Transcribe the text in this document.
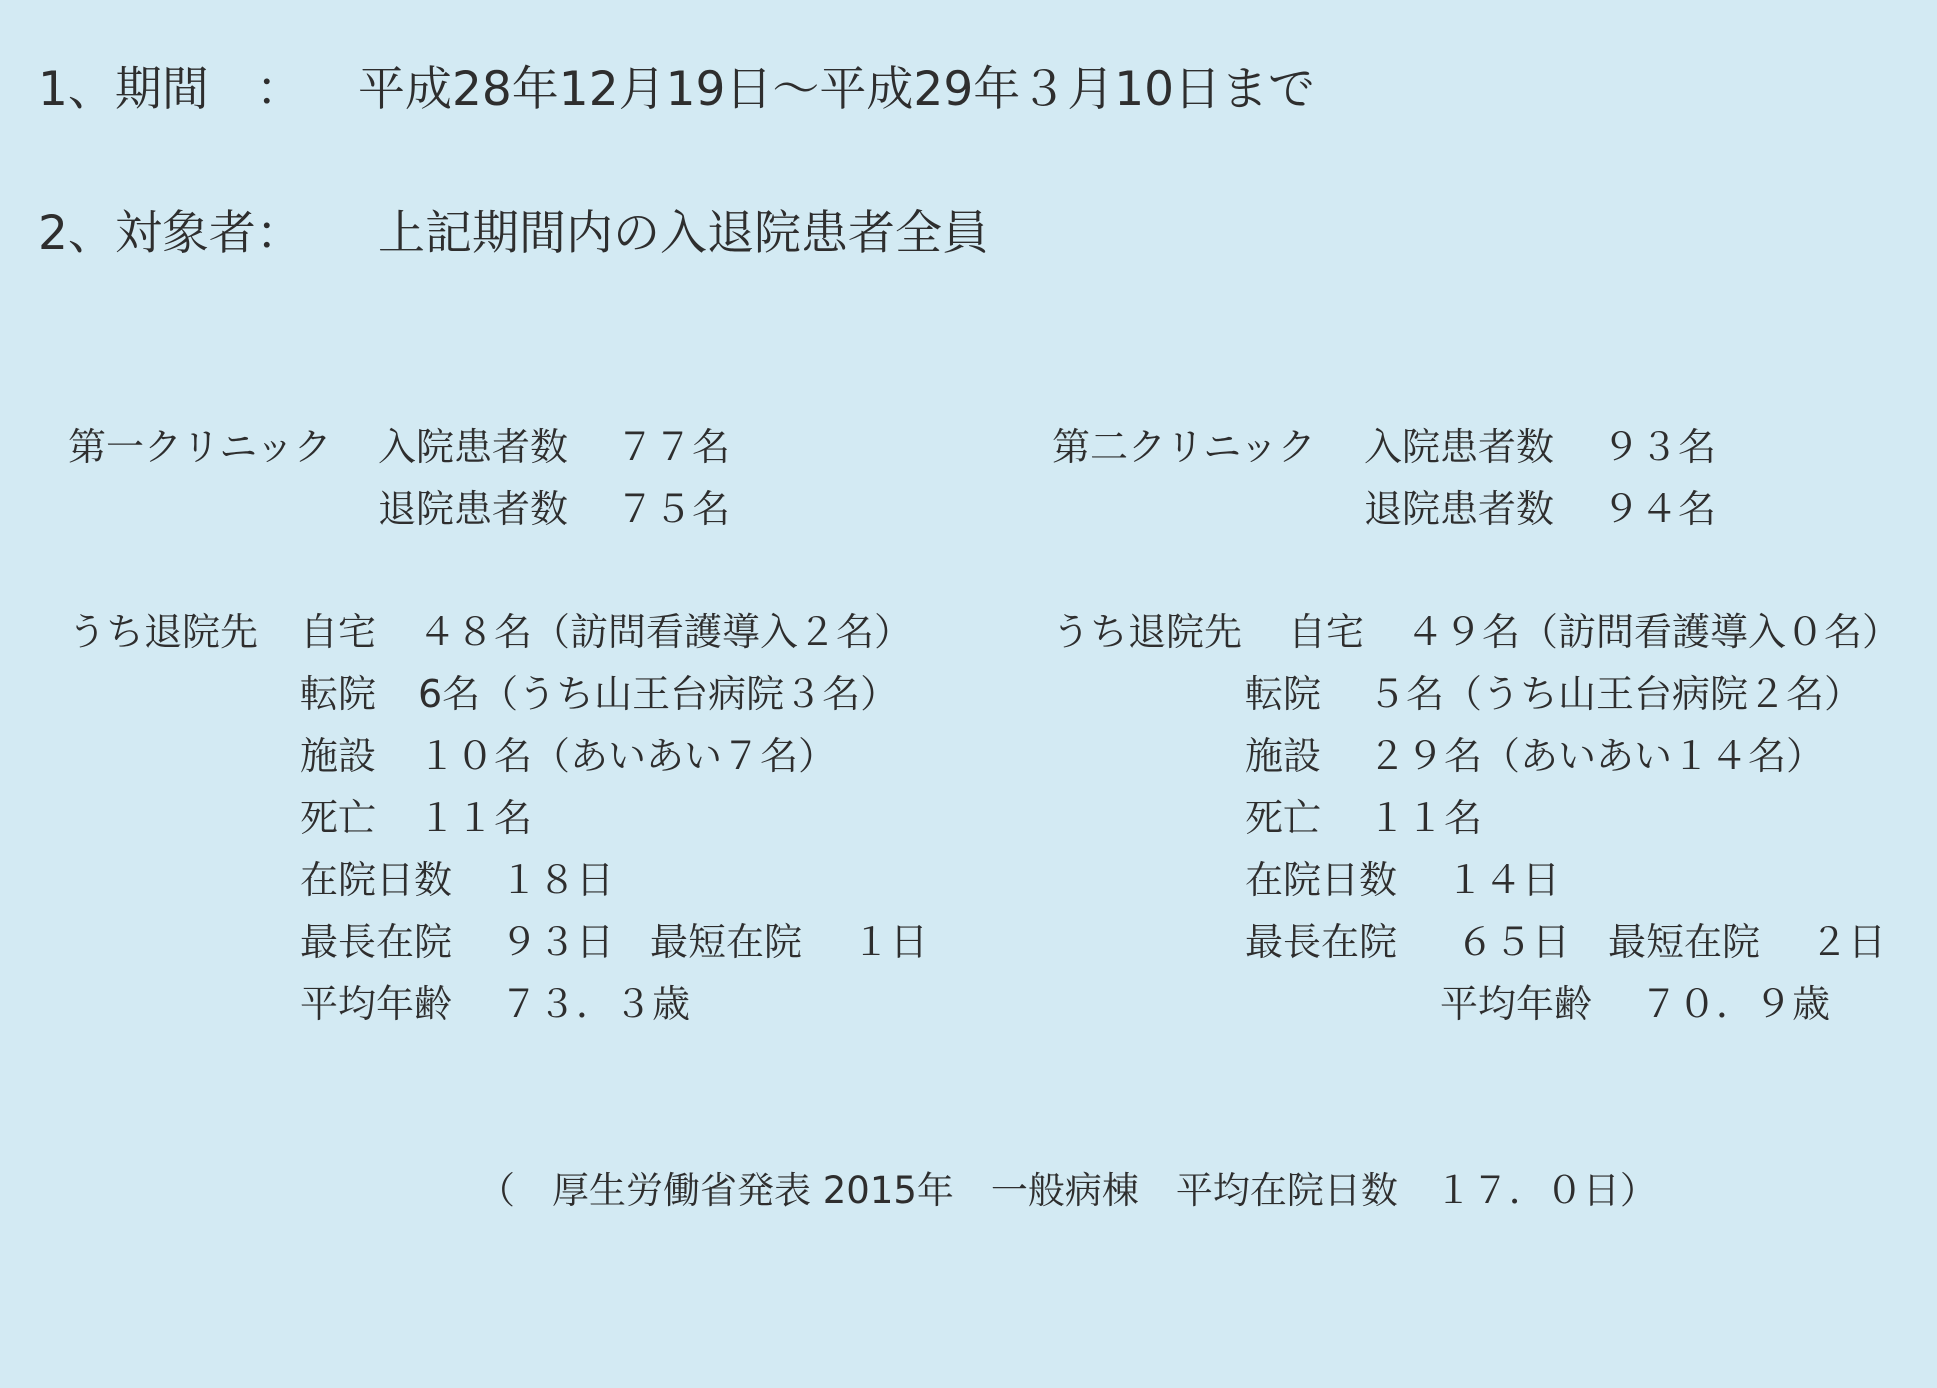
1、期間　： 平成28年12月19日～平成29年３月10日まで
2、対象者： 上記期間内の入退院患者全員
第一クリニック 入院患者数 ７７名
退院患者数 ７５名
うち退院先 自宅 ４８名（訪問看護導入２名）
転院 6名（うち山王台病院３名）
施設 １０名（あいあい７名）
死亡 １１名
在院日数 １８日
最長在院 ９３日 最短在院 １日
平均年齢 ７３．３歳
第二クリニック 入院患者数 ９３名
退院患者数 ９４名
うち退院先 自宅 ４９名（訪問看護導入０名）
転院 ５名（うち山王台病院２名）
施設 ２９名（あいあい１４名）
死亡 １１名
在院日数 １４日
最長在院 ６５日 最短在院 ２日
平均年齢 ７０．９歳
（　厚生労働省発表 2015年　一般病棟　平均在院日数　１７．０日）
